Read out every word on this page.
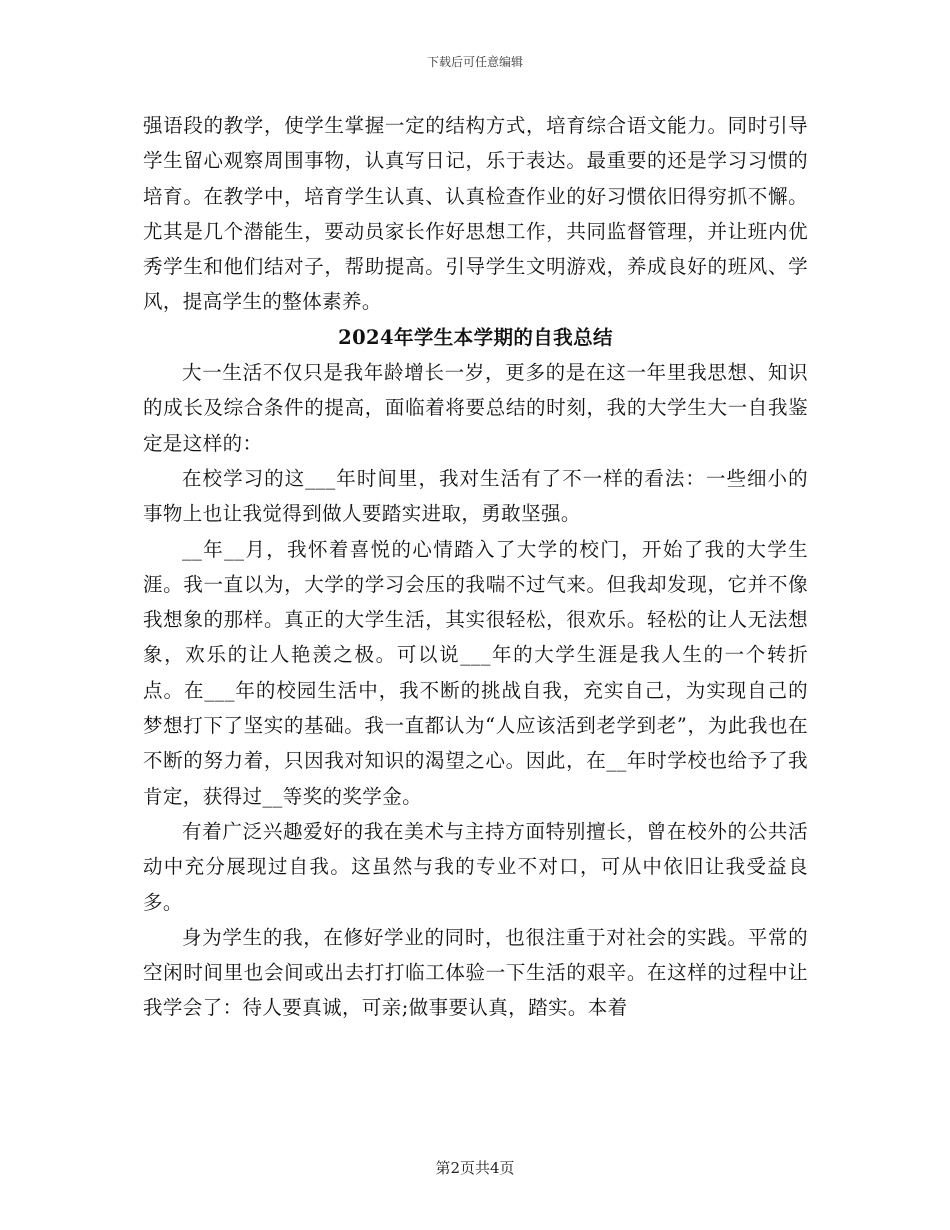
下载后可任意编辑

强语段的教学，使学生掌握一定的结构方式，培育综合语文能力。同时引导学生留心观察周围事物，认真写日记，乐于表达。最重要的还是学习习惯的培育。在教学中，培育学生认真、认真检查作业的好习惯依旧得穷抓不懈。尤其是几个潜能生，要动员家长作好思想工作，共同监督管理，并让班内优秀学生和他们结对子，帮助提高。引导学生文明游戏，养成良好的班风、学风，提高学生的整体素养。

2024年学生本学期的自我总结

大一生活不仅只是我年龄增长一岁，更多的是在这一年里我思想、知识的成长及综合条件的提高，面临着将要总结的时刻，我的大学生大一自我鉴定是这样的：

在校学习的这___年时间里，我对生活有了不一样的看法：一些细小的事物上也让我觉得到做人要踏实进取，勇敢坚强。

__年__月，我怀着喜悦的心情踏入了大学的校门，开始了我的大学生涯。我一直以为，大学的学习会压的我喘不过气来。但我却发现，它并不像我想象的那样。真正的大学生活，其实很轻松，很欢乐。轻松的让人无法想象，欢乐的让人艳羡之极。可以说___年的大学生涯是我人生的一个转折点。在___年的校园生活中，我不断的挑战自我，充实自己，为实现自己的梦想打下了坚实的基础。我一直都认为“人应该活到老学到老”，为此我也在不断的努力着，只因我对知识的渴望之心。因此，在__年时学校也给予了我肯定，获得过__等奖的奖学金。

有着广泛兴趣爱好的我在美术与主持方面特别擅长，曾在校外的公共活动中充分展现过自我。这虽然与我的专业不对口，可从中依旧让我受益良多。

身为学生的我，在修好学业的同时，也很注重于对社会的实践。平常的空闲时间里也会间或出去打打临工体验一下生活的艰辛。在这样的过程中让我学会了：待人要真诚，可亲;做事要认真，踏实。本着

第2页共4页
